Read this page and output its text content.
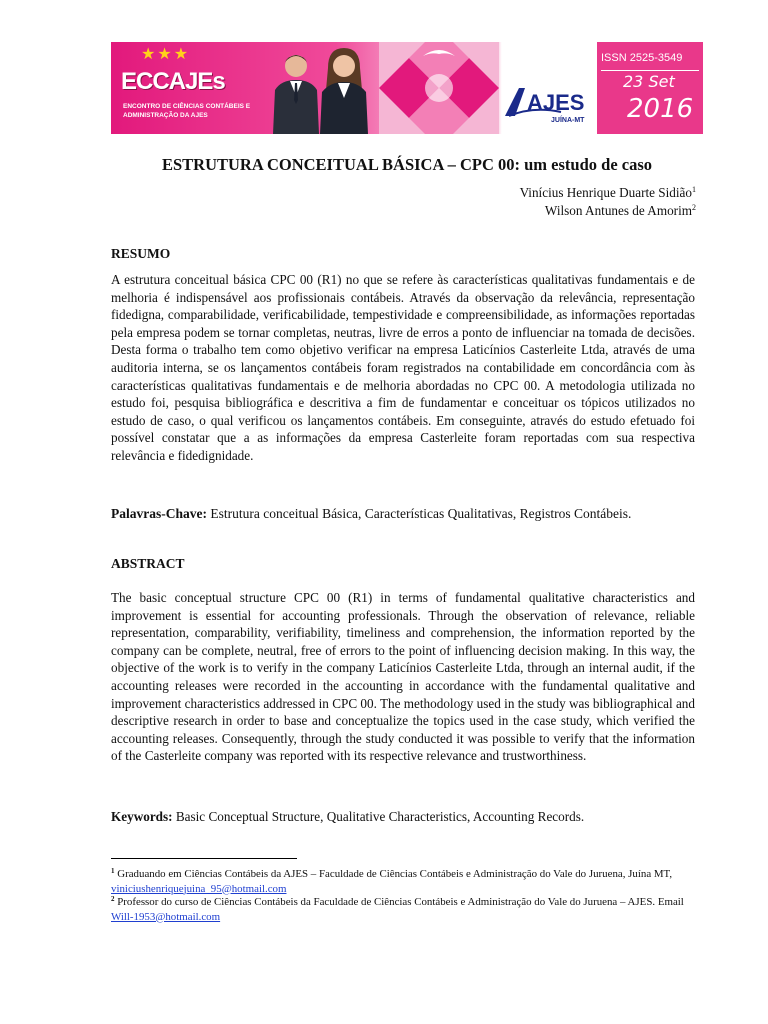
★★★
ECCAJEs
ENCONTRO DE CIÊNCIAS CONTÁBEIS E ADMINISTRAÇÃO DA AJES
AJES
JUÍNA-MT
ISSN 2525-3549
23 Set
2016
ESTRUTURA CONCEITUAL BÁSICA – CPC 00: um estudo de caso
Vinícius Henrique Duarte Sidião$^1$
Wilson Antunes de Amorim$^2$
RESUMO

A estrutura conceitual básica CPC 00 (R1) no que se refere às características qualitativas fundamentais e de melhoria é indispensável aos profissionais contábeis. Através da observação da relevância, representação fidedigna, comparabilidade, verificabilidade, tempestividade e compreensibilidade, as informações reportadas pela empresa podem se tornar completas, neutras, livre de erros a ponto de influenciar na tomada de decisões. Desta forma o trabalho tem como objetivo verificar na empresa Laticínios Casterleite Ltda, através de uma auditoria interna, se os lançamentos contábeis foram registrados na contabilidade em concordância com às características qualitativas fundamentais e de melhoria abordadas no CPC 00. A metodologia utilizada no estudo foi, pesquisa bibliográfica e descritiva a fim de fundamentar e conceituar os tópicos utilizados no estudo de caso, o qual verificou os lançamentos contábeis. Em conseguinte, através do estudo efetuado foi possível constatar que a as informações da empresa Casterleite foram reportadas com sua respectiva relevância e fidedignidade.

Palavras-Chave: Estrutura conceitual Básica, Características Qualitativas, Registros Contábeis.

ABSTRACT

The basic conceptual structure CPC 00 (R1) in terms of fundamental qualitative characteristics and improvement is essential for accounting professionals. Through the observation of relevance, reliable representation, comparability, verifiability, timeliness and comprehension, the information reported by the company can be complete, neutral, free of errors to the point of influencing decision making. In this way, the objective of the work is to verify in the company Laticínios Casterleite Ltda, through an internal audit, if the accounting releases were recorded in the accounting in accordance with the fundamental qualitative and improvement characteristics addressed in CPC 00. The methodology used in the study was bibliographical and descriptive research in order to base and conceptualize the topics used in the case study, which verified the accounting releases. Consequently, through the study conducted it was possible to verify that the information of the Casterleite company was reported with its respective relevance and trustworthiness.

Keywords: Basic Conceptual Structure, Qualitative Characteristics, Accounting Records.

$^1$ Graduando em Ciências Contábeis da AJES – Faculdade de Ciências Contábeis e Administração do Vale do Juruena, Juína MT, viniciushenriquejuina_95@hotmail.com

$^2$ Professor do curso de Ciências Contábeis da Faculdade de Ciências Contábeis e Administração do Vale do Juruena – AJES. Email Will-1953@hotmail.com
